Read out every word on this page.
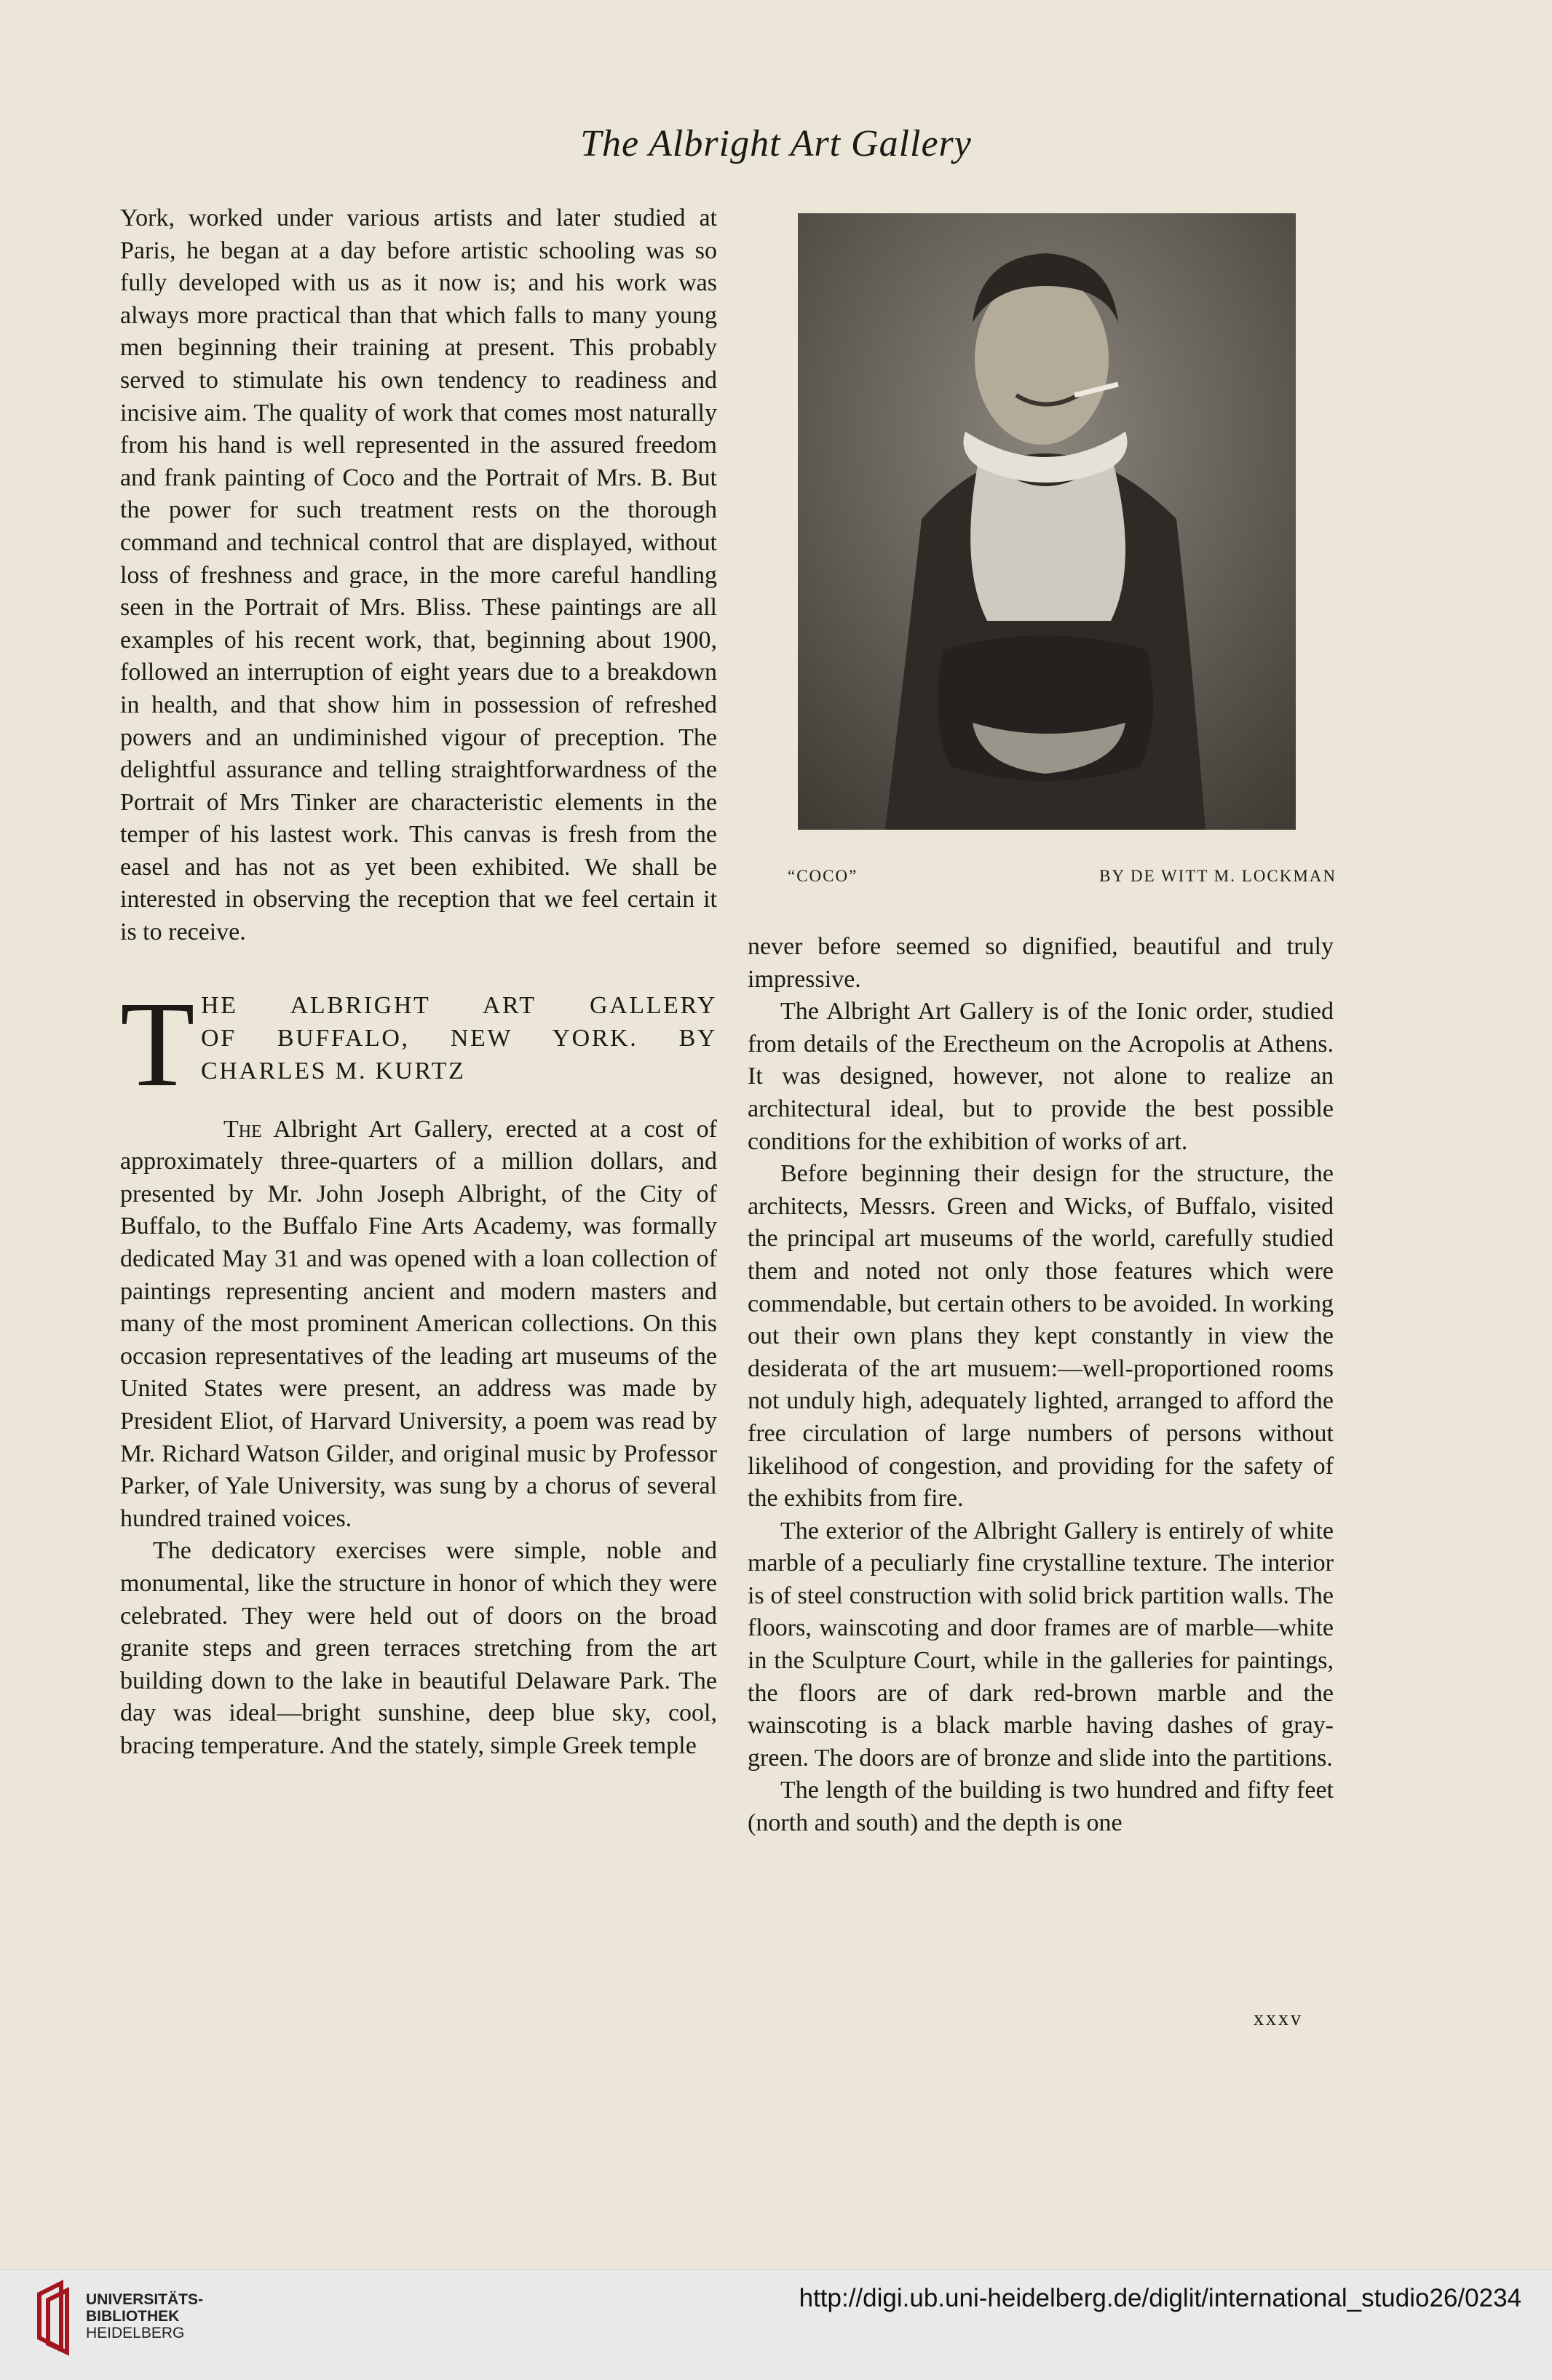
The Albright Art Gallery

York, worked under various artists and later studied at Paris, he began at a day before artistic schooling was so fully developed with us as it now is; and his work was always more practical than that which falls to many young men beginning their training at present. This probably served to stimulate his own tendency to readiness and incisive aim. The quality of work that comes most naturally from his hand is well represented in the assured freedom and frank painting of Coco and the Portrait of Mrs. B. But the power for such treatment rests on the thorough command and technical control that are displayed, without loss of freshness and grace, in the more careful handling seen in the Portrait of Mrs. Bliss. These paintings are all examples of his recent work, that, beginning about 1900, followed an interruption of eight years due to a breakdown in health, and that show him in possession of refreshed powers and an undiminished vigour of preception. The delightful assurance and telling straightforwardness of the Portrait of Mrs Tinker are characteristic elements in the temper of his lastest work. This canvas is fresh from the easel and has not as yet been exhibited. We shall be interested in observing the reception that we feel certain it is to receive.

T HE ALBRIGHT ART GALLERY
OF BUFFALO, NEW YORK. BY
CHARLES M. KURTZ

The Albright Art Gallery, erected at a cost of approximately three-quarters of a million dollars, and presented by Mr. John Joseph Albright, of the City of Buffalo, to the Buffalo Fine Arts Academy, was formally dedicated May 31 and was opened with a loan collection of paintings representing ancient and modern masters and many of the most prominent American collections. On this occasion representatives of the leading art museums of the United States were present, an address was made by President Eliot, of Harvard University, a poem was read by Mr. Richard Watson Gilder, and original music by Professor Parker, of Yale University, was sung by a chorus of several hundred trained voices.

The dedicatory exercises were simple, noble and monumental, like the structure in honor of which they were celebrated. They were held out of doors on the broad granite steps and green terraces stretching from the art building down to the lake in beautiful Delaware Park. The day was ideal—bright sunshine, deep blue sky, cool, bracing temperature. And the stately, simple Greek temple

“COCO”	BY DE WITT M. LOCKMAN

never before seemed so dignified, beautiful and truly impressive.

The Albright Art Gallery is of the Ionic order, studied from details of the Erectheum on the Acropolis at Athens. It was designed, however, not alone to realize an architectural ideal, but to provide the best possible conditions for the exhibition of works of art.

Before beginning their design for the structure, the architects, Messrs. Green and Wicks, of Buffalo, visited the principal art museums of the world, carefully studied them and noted not only those features which were commendable, but certain others to be avoided. In working out their own plans they kept constantly in view the desiderata of the art musuem:—well-proportioned rooms not unduly high, adequately lighted, arranged to afford the free circulation of large numbers of persons without likelihood of congestion, and providing for the safety of the exhibits from fire.

The exterior of the Albright Gallery is entirely of white marble of a peculiarly fine crystalline texture. The interior is of steel construction with solid brick partition walls. The floors, wainscoting and door frames are of marble—white in the Sculpture Court, while in the galleries for paintings, the floors are of dark red-brown marble and the wainscoting is a black marble having dashes of gray-green. The doors are of bronze and slide into the partitions.

The length of the building is two hundred and fifty feet (north and south) and the depth is one

xxxv
UNIVERSITÄTS-
BIBLIOTHEK
HEIDELBERG
http://digi.ub.uni-heidelberg.de/diglit/international_studio26/0234
